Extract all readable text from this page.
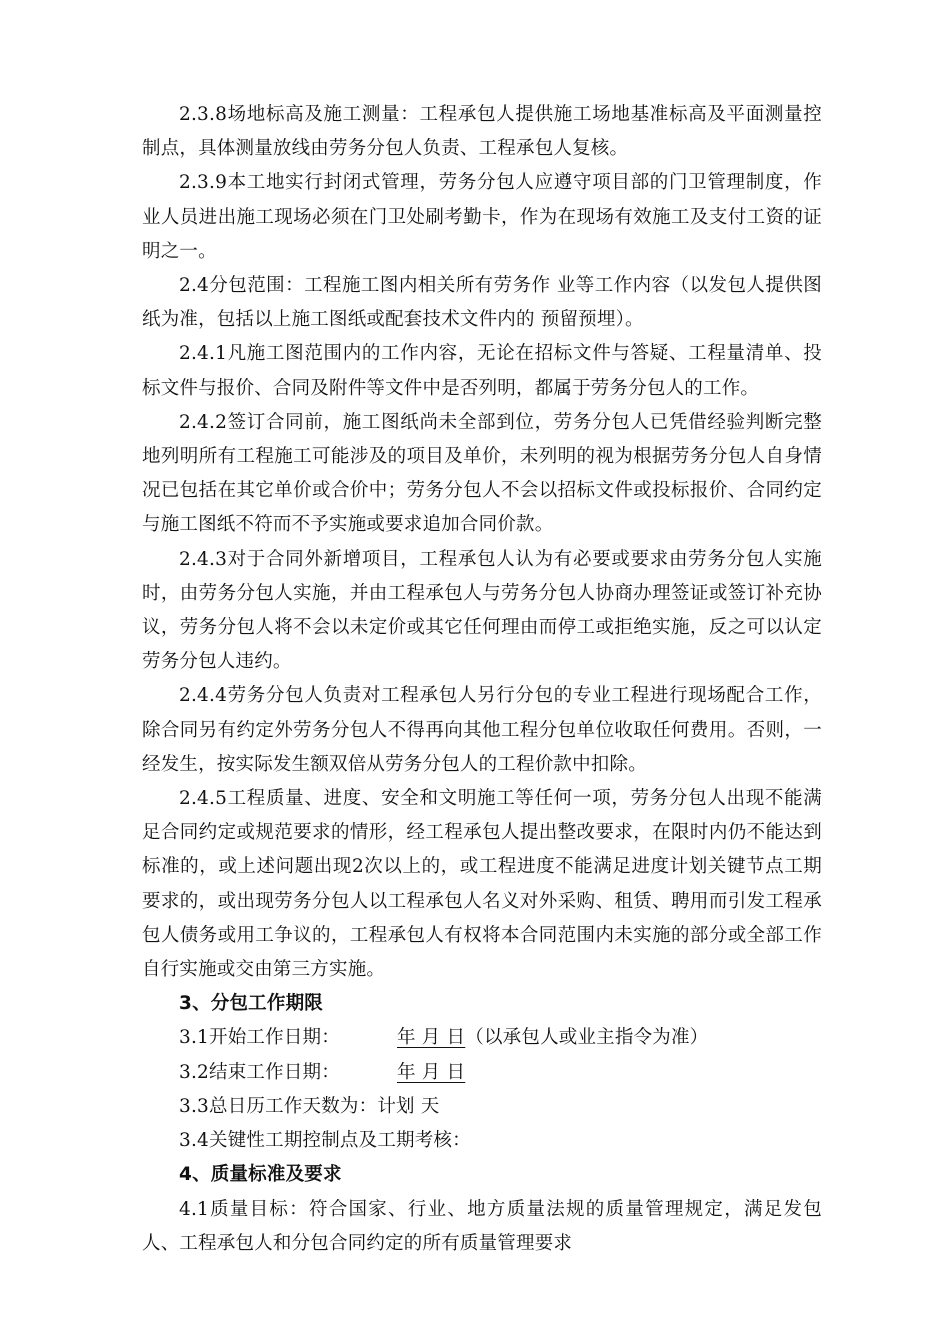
2.3.8场地标高及施工测量：工程承包人提供施工场地基准标高及平面测量控制点，具体测量放线由劳务分包人负责、工程承包人复核。

2.3.9本工地实行封闭式管理，劳务分包人应遵守项目部的门卫管理制度，作业人员进出施工现场必须在门卫处刷考勤卡，作为在现场有效施工及支付工资的证明之一。

2.4分包范围：工程施工图内相关所有劳务作 业等工作内容（以发包人提供图纸为准，包括以上施工图纸或配套技术文件内的 预留预埋）。

2.4.1凡施工图范围内的工作内容，无论在招标文件与答疑、工程量清单、投标文件与报价、合同及附件等文件中是否列明，都属于劳务分包人的工作。

2.4.2签订合同前，施工图纸尚未全部到位，劳务分包人已凭借经验判断完整地列明所有工程施工可能涉及的项目及单价，未列明的视为根据劳务分包人自身情况已包括在其它单价或合价中；劳务分包人不会以招标文件或投标报价、合同约定与施工图纸不符而不予实施或要求追加合同价款。

2.4.3对于合同外新增项目，工程承包人认为有必要或要求由劳务分包人实施时，由劳务分包人实施，并由工程承包人与劳务分包人协商办理签证或签订补充协议，劳务分包人将不会以未定价或其它任何理由而停工或拒绝实施，反之可以认定劳务分包人违约。

2.4.4劳务分包人负责对工程承包人另行分包的专业工程进行现场配合工作，除合同另有约定外劳务分包人不得再向其他工程分包单位收取任何费用。否则，一经发生，按实际发生额双倍从劳务分包人的工程价款中扣除。

2.4.5工程质量、进度、安全和文明施工等任何一项，劳务分包人出现不能满足合同约定或规范要求的情形，经工程承包人提出整改要求，在限时内仍不能达到标准的，或上述问题出现2次以上的，或工程进度不能满足进度计划关键节点工期要求的，或出现劳务分包人以工程承包人名义对外采购、租赁、聘用而引发工程承包人债务或用工争议的，工程承包人有权将本合同范围内未实施的部分或全部工作自行实施或交由第三方实施。

3、分包工作期限

3.1开始工作日期：	年 月 日（以承包人或业主指令为准）

3.2结束工作日期：	年 月 日

3.3总日历工作天数为：计划 天

3.4关键性工期控制点及工期考核：

4、质量标准及要求

4.1质量目标：符合国家、行业、地方质量法规的质量管理规定，满足发包人、工程承包人和分包合同约定的所有质量管理要求
